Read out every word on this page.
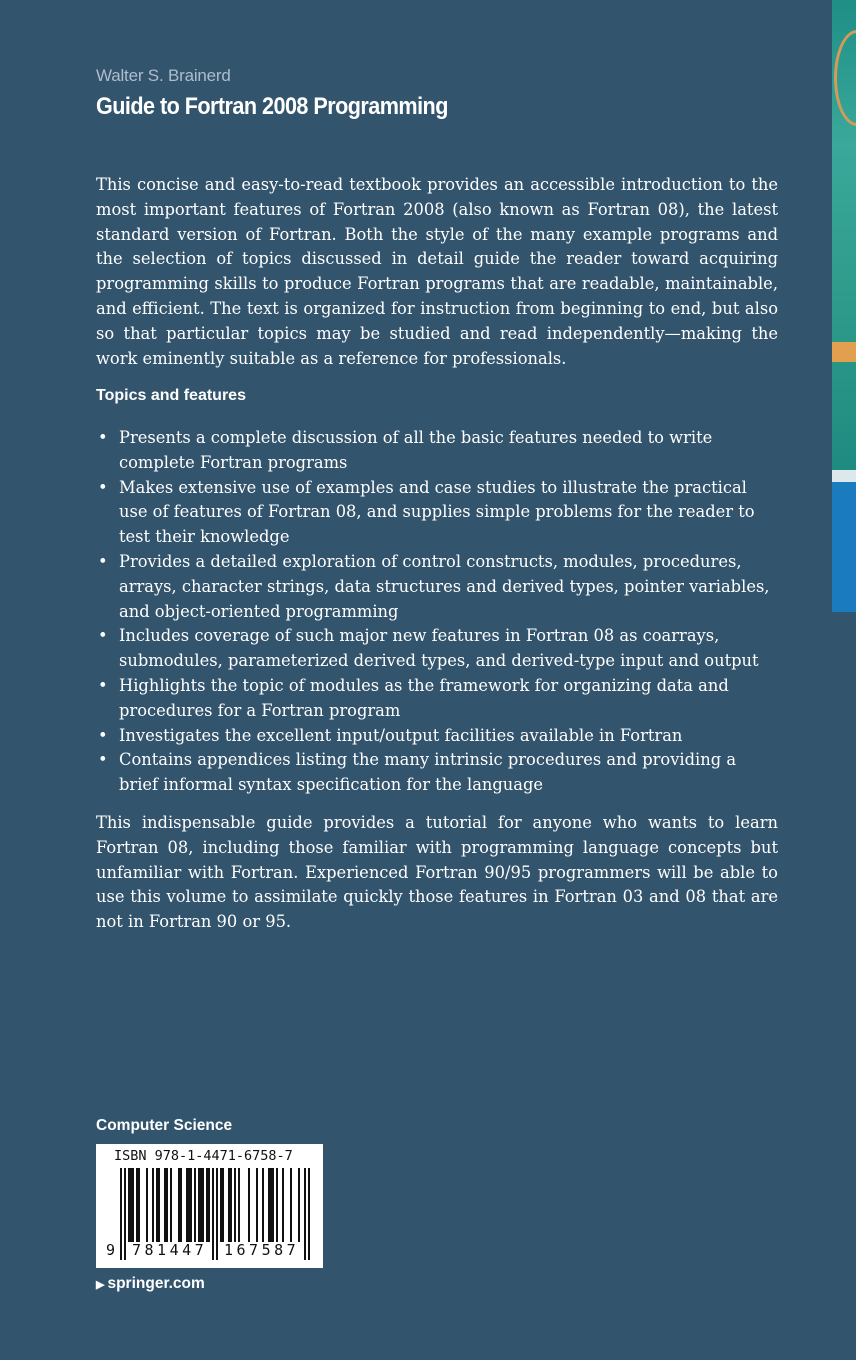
Walter S. Brainerd
Guide to Fortran 2008 Programming

This concise and easy-to-read textbook provides an accessible introduction to the most important features of Fortran 2008 (also known as Fortran 08), the latest standard version of Fortran. Both the style of the many example programs and the selection of topics discussed in detail guide the reader toward acquiring programming skills to produce Fortran programs that are readable, maintainable, and efficient. The text is organized for instruction from beginning to end, but also so that particular topics may be studied and read independently—making the work eminently suitable as a reference for professionals.

Topics and features
• Presents a complete discussion of all the basic features needed to write complete Fortran programs
• Makes extensive use of examples and case studies to illustrate the practical use of features of Fortran 08, and supplies simple problems for the reader to test their knowledge
• Provides a detailed exploration of control constructs, modules, procedures, arrays, character strings, data structures and derived types, pointer variables, and object-oriented programming
• Includes coverage of such major new features in Fortran 08 as coarrays, submodules, parameterized derived types, and derived-type input and output
• Highlights the topic of modules as the framework for organizing data and procedures for a Fortran program
• Investigates the excellent input/output facilities available in Fortran
• Contains appendices listing the many intrinsic procedures and providing a brief informal syntax specification for the language

This indispensable guide provides a tutorial for anyone who wants to learn Fortran 08, including those familiar with programming language concepts but unfamiliar with Fortran. Experienced Fortran 90/95 programmers will be able to use this volume to assimilate quickly those features in Fortran 03 and 08 that are not in Fortran 90 or 95.

Computer Science
ISBN 978-1-4471-6758-7
9 781447 167587
▶ springer.com
